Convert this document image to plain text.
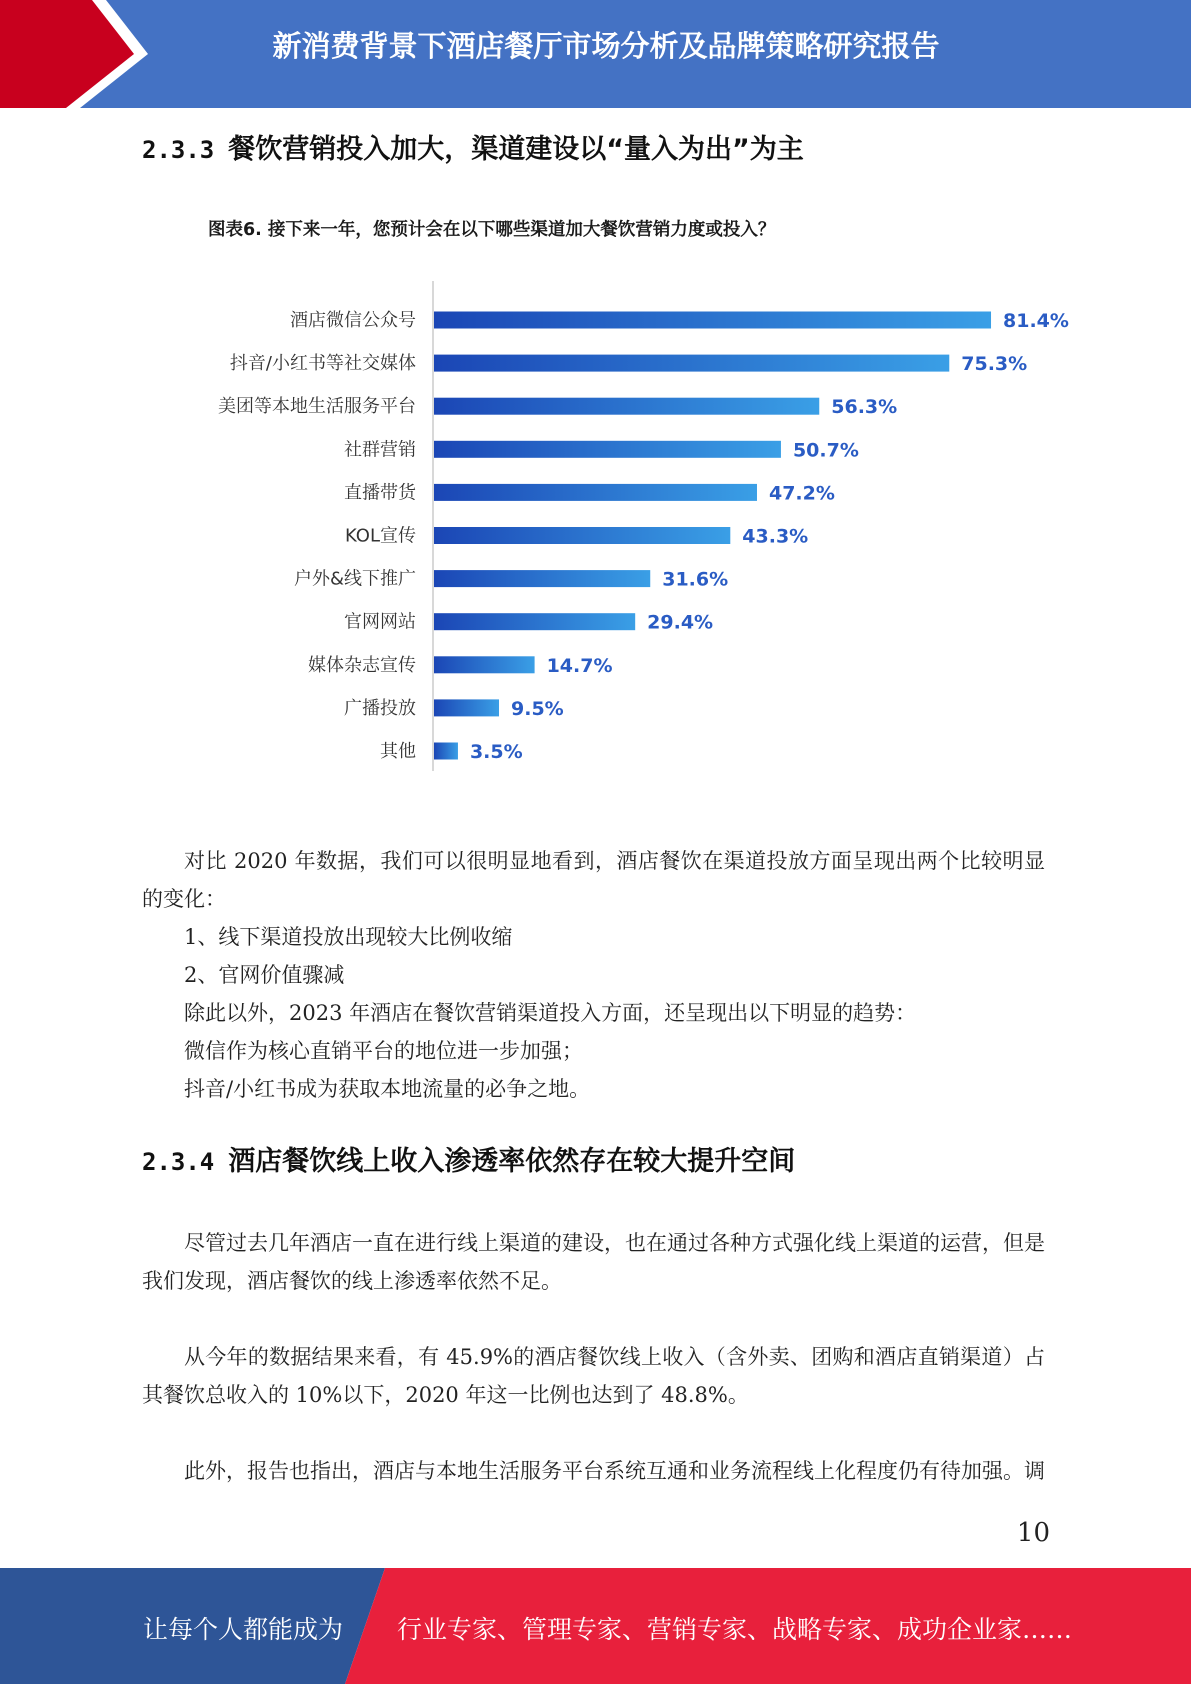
新消费背景下酒店餐厅市场分析及品牌策略研究报告
2.3.3 餐饮营销投入加大，渠道建设以“量入为出”为主
图表6. 接下来一年，您预计会在以下哪些渠道加大餐饮营销力度或投入？
酒店微信公众号	81.4%
抖音/小红书等社交媒体	75.3%
美团等本地生活服务平台	56.3%
社群营销	50.7%
直播带货	47.2%
KOL宣传	43.3%
户外&线下推广	31.6%
官网网站	29.4%
媒体杂志宣传	14.7%
广播投放	9.5%
其他	3.5%

对比 2020 年数据，我们可以很明显地看到，酒店餐饮在渠道投放方面呈现出两个比较明显的变化：

1、线下渠道投放出现较大比例收缩

2、官网价值骤减

除此以外，2023 年酒店在餐饮营销渠道投入方面，还呈现出以下明显的趋势：

微信作为核心直销平台的地位进一步加强；

抖音/小红书成为获取本地流量的必争之地。

2.3.4 酒店餐饮线上收入渗透率依然存在较大提升空间

尽管过去几年酒店一直在进行线上渠道的建设，也在通过各种方式强化线上渠道的运营，但是我们发现，酒店餐饮的线上渗透率依然不足。

从今年的数据结果来看，有 45.9%的酒店餐饮线上收入（含外卖、团购和酒店直销渠道）占其餐饮总收入的 10%以下，2020 年这一比例也达到了 48.8%。

此外，报告也指出，酒店与本地生活服务平台系统互通和业务流程线上化程度仍有待加强。调

10
让每个人都能成为 行业专家、管理专家、营销专家、战略专家、成功企业家……
